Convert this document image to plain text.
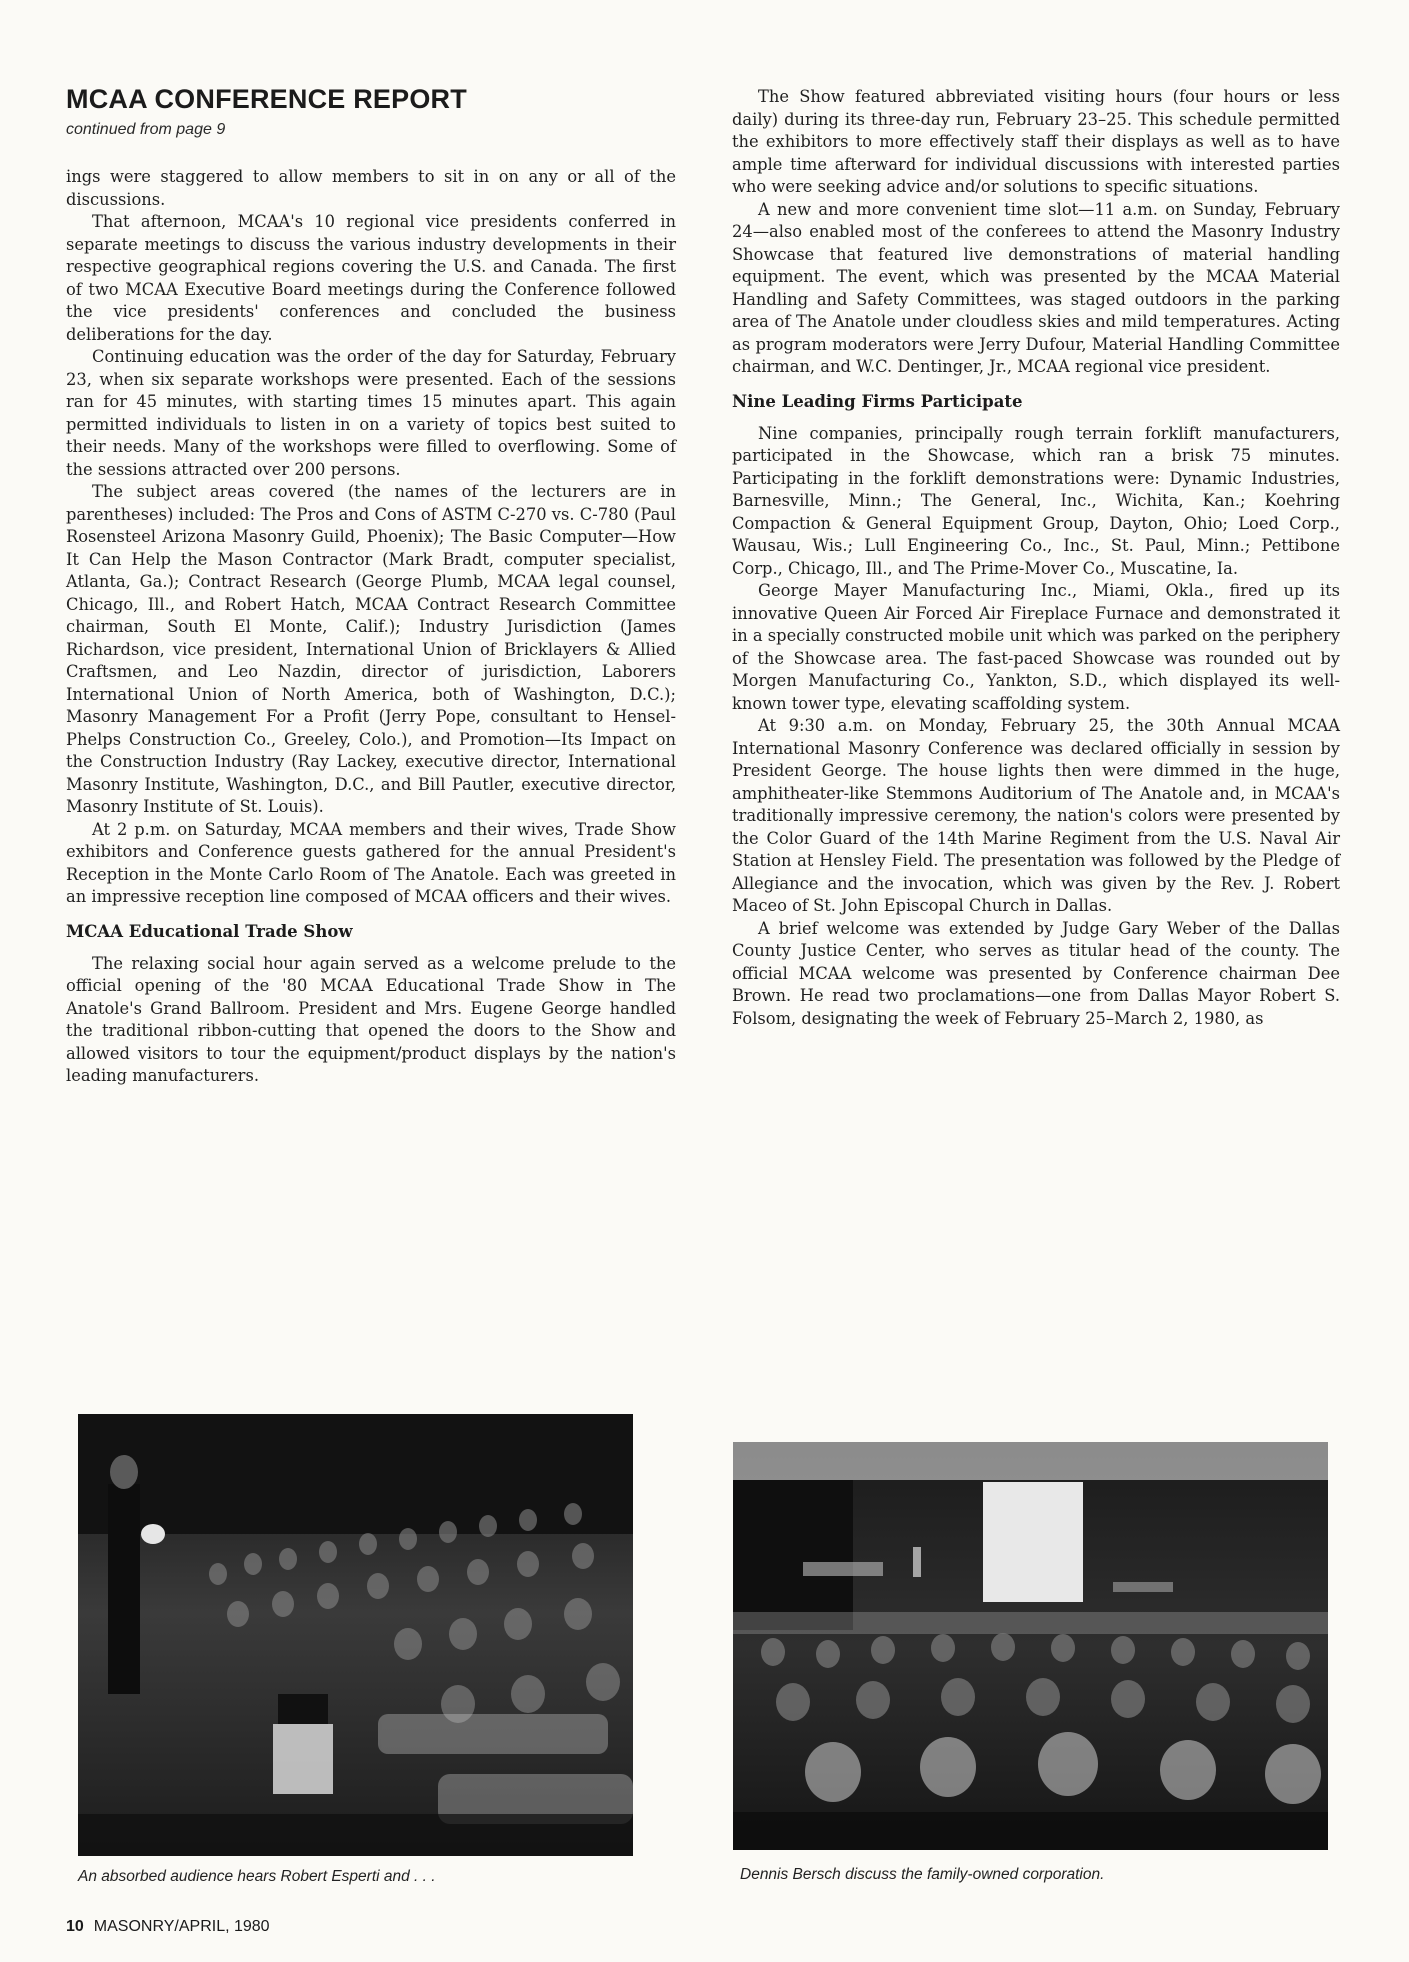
MCAA CONFERENCE REPORT
continued from page 9

ings were staggered to allow members to sit in on any or all of the discussions.

That afternoon, MCAA's 10 regional vice presidents conferred in separate meetings to discuss the various industry developments in their respective geographical regions covering the U.S. and Canada. The first of two MCAA Executive Board meetings during the Conference followed the vice presidents' conferences and concluded the business deliberations for the day.

Continuing education was the order of the day for Saturday, February 23, when six separate workshops were presented. Each of the sessions ran for 45 minutes, with starting times 15 minutes apart. This again permitted individuals to listen in on a variety of topics best suited to their needs. Many of the workshops were filled to overflowing. Some of the sessions attracted over 200 persons.

The subject areas covered (the names of the lecturers are in parentheses) included: The Pros and Cons of ASTM C-270 vs. C-780 (Paul Rosensteel Arizona Masonry Guild, Phoenix); The Basic Computer—How It Can Help the Mason Contractor (Mark Bradt, computer specialist, Atlanta, Ga.); Contract Research (George Plumb, MCAA legal counsel, Chicago, Ill., and Robert Hatch, MCAA Contract Research Committee chairman, South El Monte, Calif.); Industry Jurisdiction (James Richardson, vice president, International Union of Bricklayers & Allied Craftsmen, and Leo Nazdin, director of jurisdiction, Laborers International Union of North America, both of Washington, D.C.); Masonry Management For a Profit (Jerry Pope, consultant to Hensel-Phelps Construction Co., Greeley, Colo.), and Promotion—Its Impact on the Construction Industry (Ray Lackey, executive director, International Masonry Institute, Washington, D.C., and Bill Pautler, executive director, Masonry Institute of St. Louis).

At 2 p.m. on Saturday, MCAA members and their wives, Trade Show exhibitors and Conference guests gathered for the annual President's Reception in the Monte Carlo Room of The Anatole. Each was greeted in an impressive reception line composed of MCAA officers and their wives.

MCAA Educational Trade Show

The relaxing social hour again served as a welcome prelude to the official opening of the '80 MCAA Educational Trade Show in The Anatole's Grand Ballroom. President and Mrs. Eugene George handled the traditional ribbon-cutting that opened the doors to the Show and allowed visitors to tour the equipment/product displays by the nation's leading manufacturers.

The Show featured abbreviated visiting hours (four hours or less daily) during its three-day run, February 23–25. This schedule permitted the exhibitors to more effectively staff their displays as well as to have ample time afterward for individual discussions with interested parties who were seeking advice and/or solutions to specific situations.

A new and more convenient time slot—11 a.m. on Sunday, February 24—also enabled most of the conferees to attend the Masonry Industry Showcase that featured live demonstrations of material handling equipment. The event, which was presented by the MCAA Material Handling and Safety Committees, was staged outdoors in the parking area of The Anatole under cloudless skies and mild temperatures. Acting as program moderators were Jerry Dufour, Material Handling Committee chairman, and W.C. Dentinger, Jr., MCAA regional vice president.

Nine Leading Firms Participate

Nine companies, principally rough terrain forklift manufacturers, participated in the Showcase, which ran a brisk 75 minutes. Participating in the forklift demonstrations were: Dynamic Industries, Barnesville, Minn.; The General, Inc., Wichita, Kan.; Koehring Compaction & General Equipment Group, Dayton, Ohio; Loed Corp., Wausau, Wis.; Lull Engineering Co., Inc., St. Paul, Minn.; Pettibone Corp., Chicago, Ill., and The Prime-Mover Co., Muscatine, Ia.

George Mayer Manufacturing Inc., Miami, Okla., fired up its innovative Queen Air Forced Air Fireplace Furnace and demonstrated it in a specially constructed mobile unit which was parked on the periphery of the Showcase area. The fast-paced Showcase was rounded out by Morgen Manufacturing Co., Yankton, S.D., which displayed its well-known tower type, elevating scaffolding system.

At 9:30 a.m. on Monday, February 25, the 30th Annual MCAA International Masonry Conference was declared officially in session by President George. The house lights then were dimmed in the huge, amphitheater-like Stemmons Auditorium of The Anatole and, in MCAA's traditionally impressive ceremony, the nation's colors were presented by the Color Guard of the 14th Marine Regiment from the U.S. Naval Air Station at Hensley Field. The presentation was followed by the Pledge of Allegiance and the invocation, which was given by the Rev. J. Robert Maceo of St. John Episcopal Church in Dallas.

A brief welcome was extended by Judge Gary Weber of the Dallas County Justice Center, who serves as titular head of the county. The official MCAA welcome was presented by Conference chairman Dee Brown. He read two proclamations—one from Dallas Mayor Robert S. Folsom, designating the week of February 25–March 2, 1980, as

An absorbed audience hears Robert Esperti and . . .	Dennis Bersch discuss the family-owned corporation.
10 MASONRY/APRIL, 1980
